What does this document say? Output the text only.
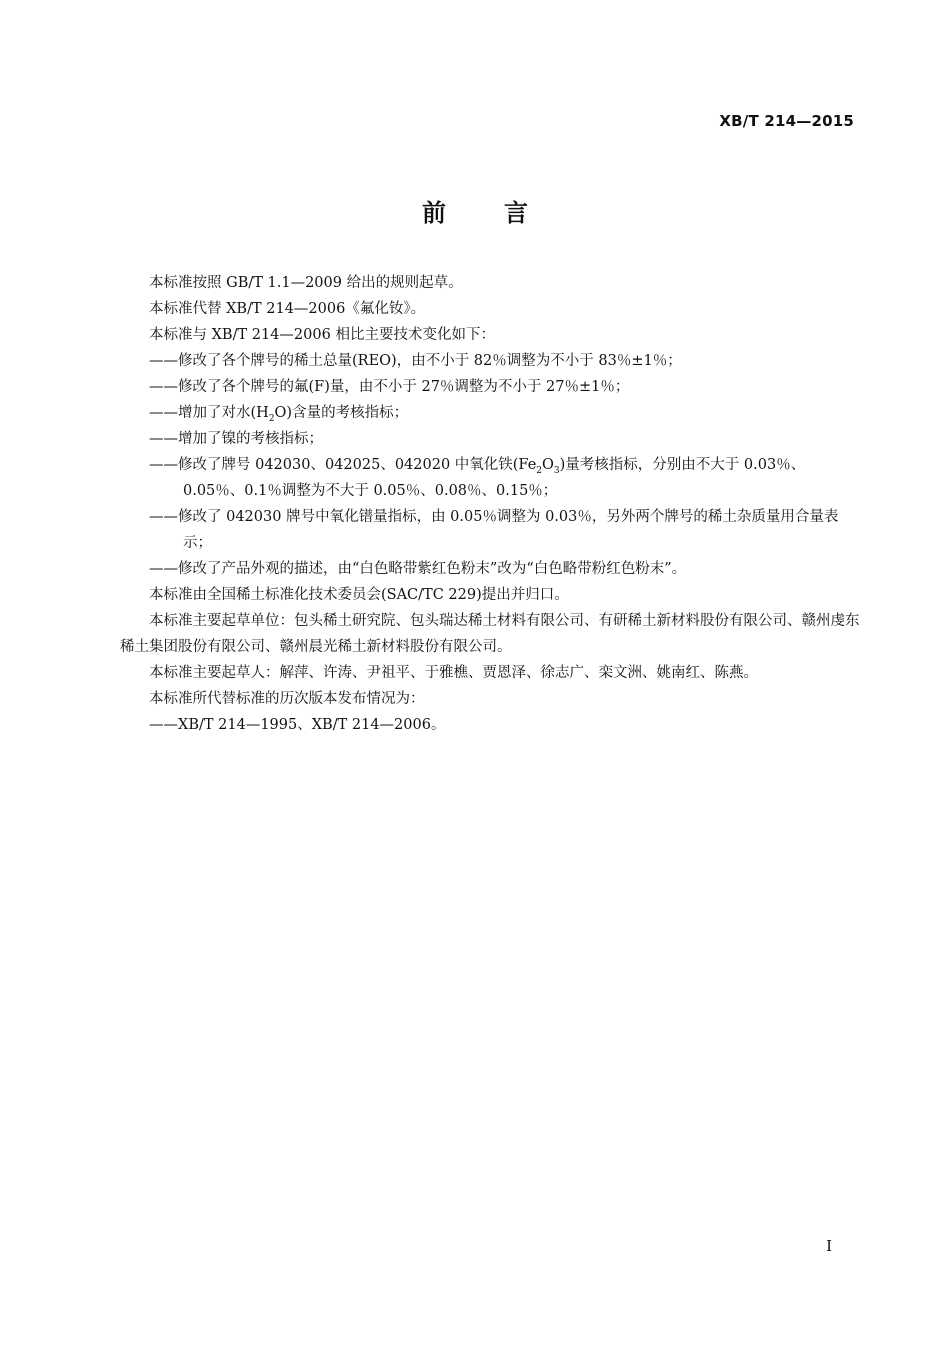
XB/T 214—2015
前 言

本标准按照 GB/T 1.1—2009 给出的规则起草。

本标准代替 XB/T 214—2006《氟化钕》。

本标准与 XB/T 214—2006 相比主要技术变化如下：

——修改了各个牌号的稀土总量(REO)，由不小于 82％调整为不小于 83％±1％；

——修改了各个牌号的氟(F)量，由不小于 27％调整为不小于 27％±1％；

——增加了对水$(H_2O)$含量的考核指标；

——增加了镍的考核指标；

——修改了牌号 042030、042025、042020 中氧化铁$(Fe_2O_3)$量考核指标，分别由不大于 0.03％、0.05％、0.1％调整为不大于 0.05％、0.08％、0.15％；

——修改了 042030 牌号中氧化镨量指标，由 0.05％调整为 0.03％，另外两个牌号的稀土杂质量用合量表示；

——修改了产品外观的描述，由“白色略带紫红色粉末”改为“白色略带粉红色粉末”。

本标准由全国稀土标准化技术委员会(SAC/TC 229)提出并归口。

本标准主要起草单位：包头稀土研究院、包头瑞达稀土材料有限公司、有研稀土新材料股份有限公司、赣州虔东稀土集团股份有限公司、赣州晨光稀土新材料股份有限公司。

本标准主要起草人：解萍、许涛、尹祖平、于雅樵、贾恩泽、徐志广、栾文洲、姚南红、陈燕。

本标准所代替标准的历次版本发布情况为：

——XB/T 214—1995、XB/T 214—2006。

I
